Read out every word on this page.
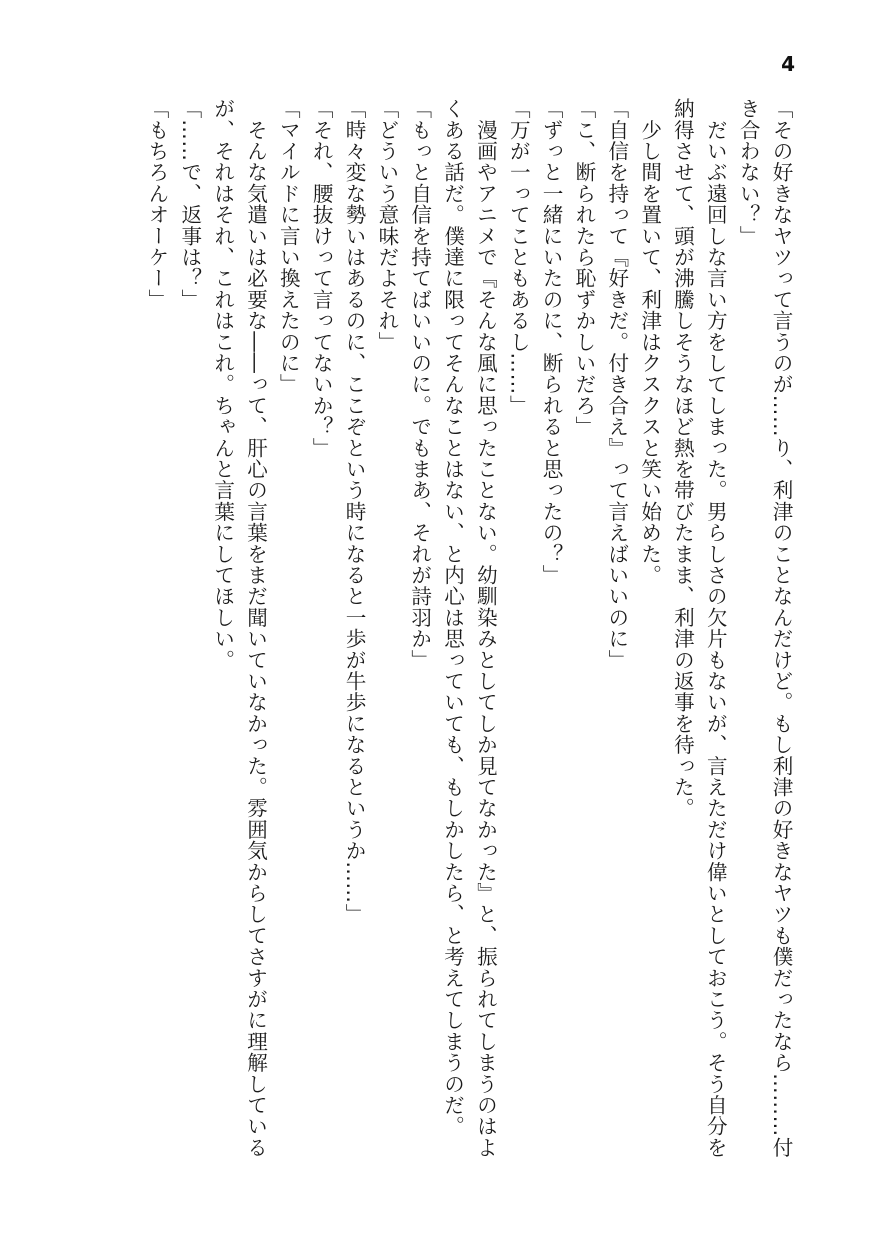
4
「その好きなヤツって言うのが……り、利津のことなんだけど。もし利津の好きなヤツも僕だったなら………付き合わない？」
　だいぶ遠回しな言い方をしてしまった。男らしさの欠片もないが、言えただけ偉いとしておこう。そう自分を納得させて、頭が沸騰しそうなほど熱を帯びたまま、利津の返事を待った。
　少し間を置いて、利津はクスクスと笑い始めた。
「自信を持って『好きだ。付き合え』って言えばいいのに」
「こ、断られたら恥ずかしいだろ」
「ずっと一緒にいたのに、断られると思ったの？」
「万が一ってこともあるし……」
　漫画やアニメで『そんな風に思ったことない。幼馴染みとしてしか見てなかった』と、振られてしまうのはよくある話だ。僕達に限ってそんなことはない、と内心は思っていても、もしかしたら、と考えてしまうのだ。
「もっと自信を持てばいいのに。でもまあ、それが詩羽か」
「どういう意味だよそれ」
「時々変な勢いはあるのに、ここぞという時になると一歩が牛歩になるというか……」
「それ、腰抜けって言ってないか？」
「マイルドに言い換えたのに」
　そんな気遣いは必要な――って、肝心の言葉をまだ聞いていなかった。雰囲気からしてさすがに理解しているが、それはそれ、これはこれ。ちゃんと言葉にしてほしい。
「……で、返事は？」
「もちろんオーケー」
